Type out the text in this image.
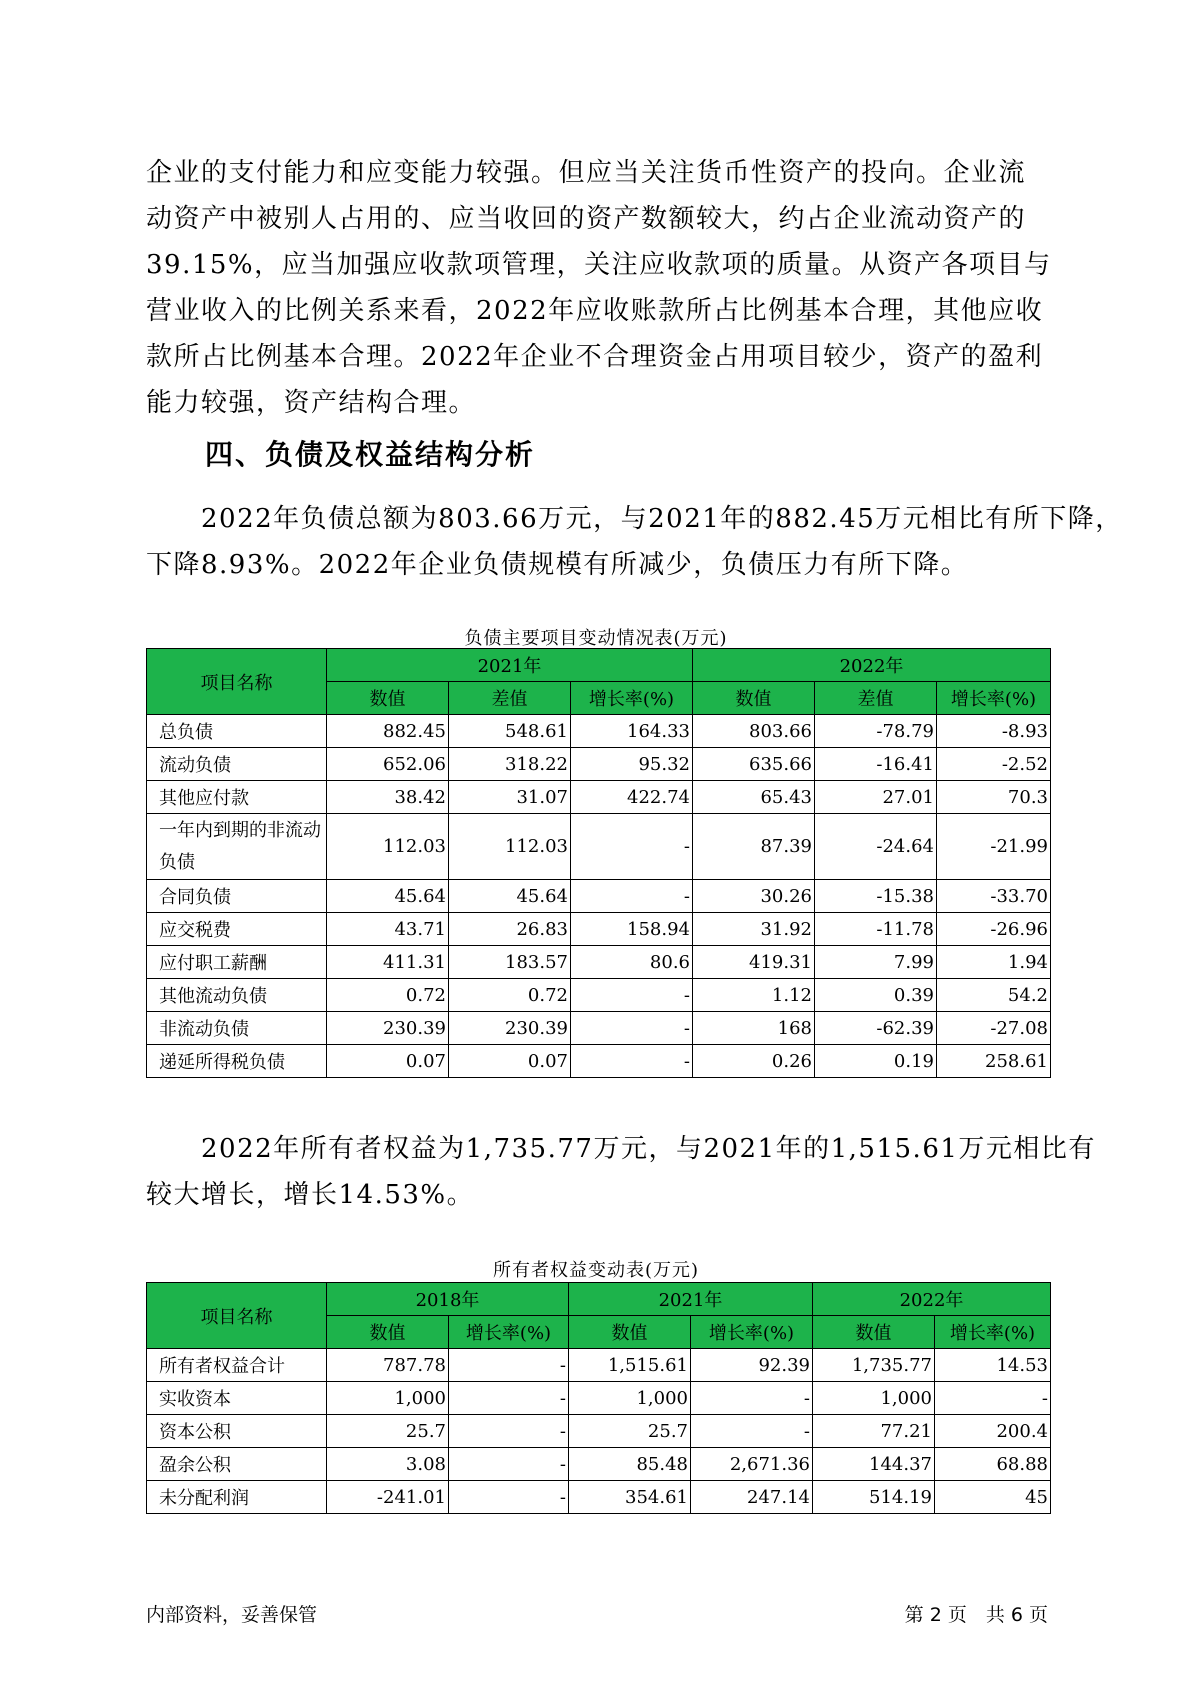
企业的支付能力和应变能力较强。但应当关注货币性资产的投向。企业流
动资产中被别人占用的、应当收回的资产数额较大，约占企业流动资产的
39.15%，应当加强应收款项管理，关注应收款项的质量。从资产各项目与
营业收入的比例关系来看，2022年应收账款所占比例基本合理，其他应收
款所占比例基本合理。2022年企业不合理资金占用项目较少，资产的盈利
能力较强，资产结构合理。

四、负债及权益结构分析

　　2022年负债总额为803.66万元，与2021年的882.45万元相比有所下降，
下降8.93%。2022年企业负债规模有所减少，负债压力有所下降。

负债主要项目变动情况表(万元)
项目名称	2021年			2022年		
	数值	差值	增长率(%)	数值	差值	增长率(%)
总负债	882.45	548.61	164.33	803.66	-78.79	-8.93
流动负债	652.06	318.22	95.32	635.66	-16.41	-2.52
其他应付款	38.42	31.07	422.74	65.43	27.01	70.3
一年内到期的非流动负债	112.03	112.03	-	87.39	-24.64	-21.99
合同负债	45.64	45.64	-	30.26	-15.38	-33.70
应交税费	43.71	26.83	158.94	31.92	-11.78	-26.96
应付职工薪酬	411.31	183.57	80.6	419.31	7.99	1.94
其他流动负债	0.72	0.72	-	1.12	0.39	54.2
非流动负债	230.39	230.39	-	168	-62.39	-27.08
递延所得税负债	0.07	0.07	-	0.26	0.19	258.61

　　2022年所有者权益为1,735.77万元，与2021年的1,515.61万元相比有
较大增长，增长14.53%。

所有者权益变动表(万元)
项目名称	2018年		2021年		2022年	
	数值	增长率(%)	数值	增长率(%)	数值	增长率(%)
所有者权益合计	787.78	-	1,515.61	92.39	1,735.77	14.53
实收资本	1,000	-	1,000	-	1,000	-
资本公积	25.7	-	25.7	-	77.21	200.4
盈余公积	3.08	-	85.48	2,671.36	144.37	68.88
未分配利润	-241.01	-	354.61	247.14	514.19	45
内部资料，妥善保管	第 2 页　共 6 页
